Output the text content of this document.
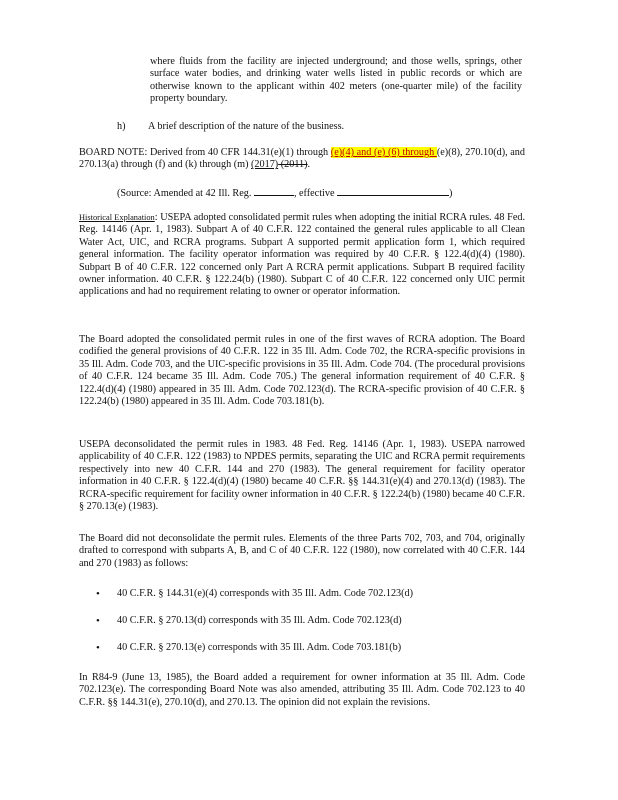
where fluids from the facility are injected underground; and those wells, springs, other surface water bodies, and drinking water wells listed in public records or which are otherwise known to the applicant within 402 meters (one-quarter mile) of the facility property boundary.
h) A brief description of the nature of the business.
BOARD NOTE: Derived from 40 CFR 144.31(e)(1) through (e)(4) and (e) (6) through (e)(8), 270.10(d), and 270.13(a) through (f) and (k) through (m) (2017) (2011).
(Source: Amended at 42 Ill. Reg.	, effective	)
Historical Explanation: USEPA adopted consolidated permit rules when adopting the initial RCRA rules. 48 Fed. Reg. 14146 (Apr. 1, 1983). Subpart A of 40 C.F.R. 122 contained the general rules applicable to all Clean Water Act, UIC, and RCRA programs. Subpart A supported permit application form 1, which required general information. The facility operator information was required by 40 C.F.R. § 122.4(d)(4) (1980). Subpart B of 40 C.F.R. 122 concerned only Part A RCRA permit applications. Subpart B required facility owner information. 40 C.F.R. § 122.24(b) (1980). Subpart C of 40 C.F.R. 122 concerned only UIC permit applications and had no requirement relating to owner or operator information.
The Board adopted the consolidated permit rules in one of the first waves of RCRA adoption. The Board codified the general provisions of 40 C.F.R. 122 in 35 Ill. Adm. Code 702, the RCRA-specific provisions in 35 Ill. Adm. Code 703, and the UIC-specific provisions in 35 Ill. Adm. Code 704. (The procedural provisions of 40 C.F.R. 124 became 35 Ill. Adm. Code 705.) The general information requirement of 40 C.F.R. § 122.4(d)(4) (1980) appeared in 35 Ill. Adm. Code 702.123(d). The RCRA-specific provision of 40 C.F.R. § 122.24(b) (1980) appeared in 35 Ill. Adm. Code 703.181(b).
USEPA deconsolidated the permit rules in 1983. 48 Fed. Reg. 14146 (Apr. 1, 1983). USEPA narrowed applicability of 40 C.F.R. 122 (1983) to NPDES permits, separating the UIC and RCRA permit requirements respectively into new 40 C.F.R. 144 and 270 (1983). The general requirement for facility operator information in 40 C.F.R. § 122.4(d)(4) (1980) became 40 C.F.R. §§ 144.31(e)(4) and 270.13(d) (1983). The RCRA-specific requirement for facility owner information in 40 C.F.R. § 122.24(b) (1980) became 40 C.F.R. § 270.13(e) (1983).
The Board did not deconsolidate the permit rules. Elements of the three Parts 702, 703, and 704, originally drafted to correspond with subparts A, B, and C of 40 C.F.R. 122 (1980), now correlated with 40 C.F.R. 144 and 270 (1983) as follows:
• 40 C.F.R. § 144.31(e)(4) corresponds with 35 Ill. Adm. Code 702.123(d)
• 40 C.F.R. § 270.13(d) corresponds with 35 Ill. Adm. Code 702.123(d)
• 40 C.F.R. § 270.13(e) corresponds with 35 Ill. Adm. Code 703.181(b)
In R84-9 (June 13, 1985), the Board added a requirement for owner information at 35 Ill. Adm. Code 702.123(e). The corresponding Board Note was also amended, attributing 35 Ill. Adm. Code 702.123 to 40 C.F.R. §§ 144.31(e), 270.10(d), and 270.13. The opinion did not explain the revisions.
